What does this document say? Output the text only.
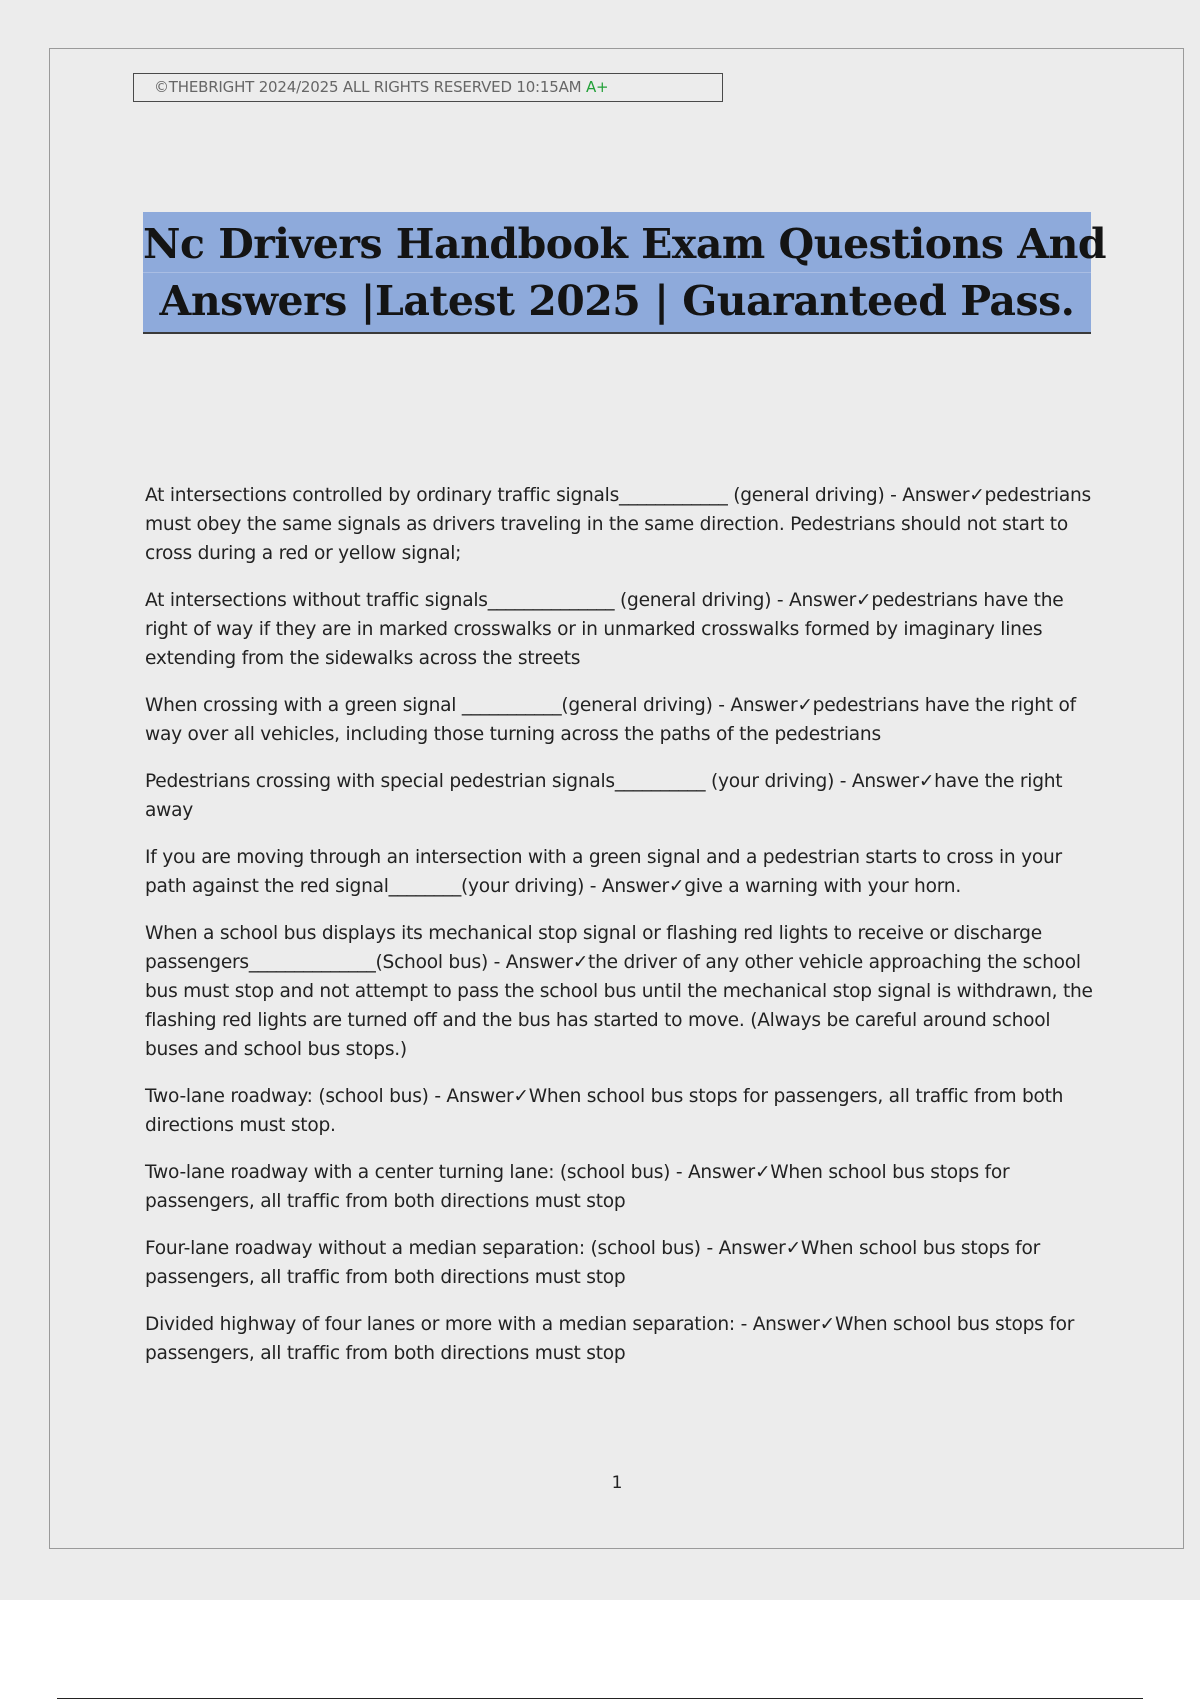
©THEBRIGHT 2024/2025 ALL RIGHTS RESERVED 10:15AM A+
Nc Drivers Handbook Exam Questions And
Answers |Latest 2025 | Guaranteed Pass.

At intersections controlled by ordinary traffic signals____________ (general driving) - Answer✓pedestrians must obey the same signals as drivers traveling in the same direction. Pedestrians should not start to cross during a red or yellow signal;

At intersections without traffic signals______________ (general driving) - Answer✓pedestrians have the right of way if they are in marked crosswalks or in unmarked crosswalks formed by imaginary lines extending from the sidewalks across the streets

When crossing with a green signal ___________(general driving) - Answer✓pedestrians have the right of way over all vehicles, including those turning across the paths of the pedestrians

Pedestrians crossing with special pedestrian signals__________ (your driving) - Answer✓have the right away

If you are moving through an intersection with a green signal and a pedestrian starts to cross in your path against the red signal________(your driving) - Answer✓give a warning with your horn.

When a school bus displays its mechanical stop signal or flashing red lights to receive or discharge passengers______________(School bus) - Answer✓the driver of any other vehicle approaching the school bus must stop and not attempt to pass the school bus until the mechanical stop signal is withdrawn, the flashing red lights are turned off and the bus has started to move. (Always be careful around school buses and school bus stops.)

Two-lane roadway: (school bus) - Answer✓When school bus stops for passengers, all traffic from both directions must stop.

Two-lane roadway with a center turning lane: (school bus) - Answer✓When school bus stops for passengers, all traffic from both directions must stop

Four-lane roadway without a median separation: (school bus) - Answer✓When school bus stops for passengers, all traffic from both directions must stop

Divided highway of four lanes or more with a median separation: - Answer✓When school bus stops for passengers, all traffic from both directions must stop

1
